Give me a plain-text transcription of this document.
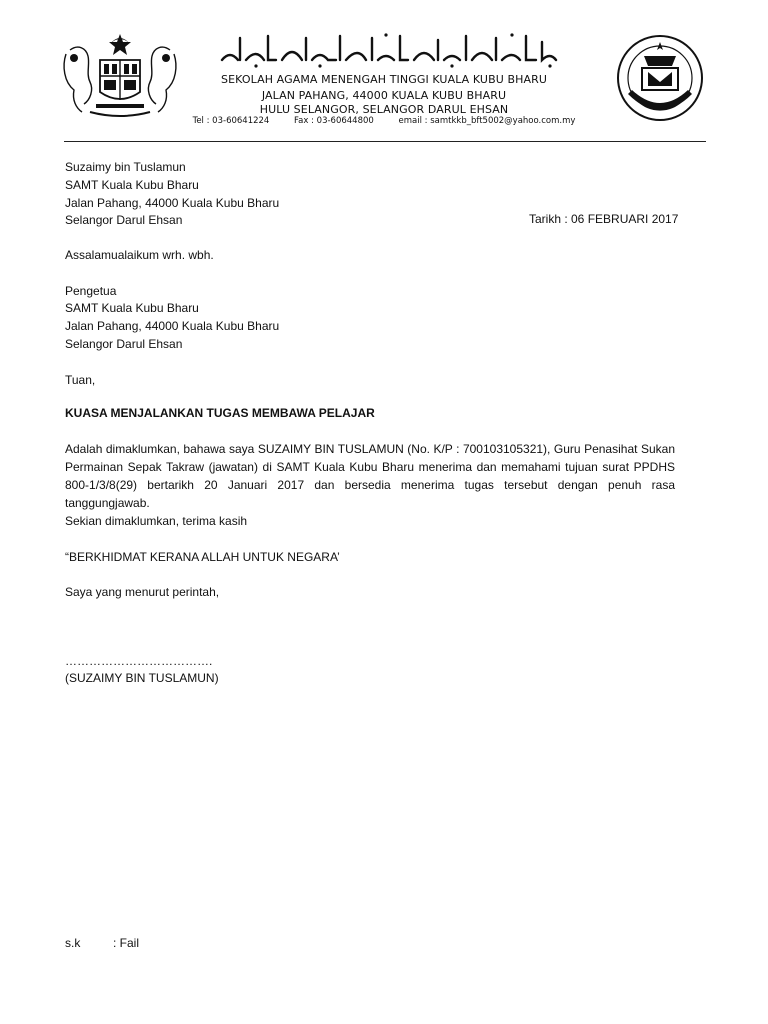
SEKOLAH AGAMA MENENGAH TINGGI KUALA KUBU BHARU
JALAN PAHANG, 44000 KUALA KUBU BHARU
HULU SELANGOR, SELANGOR DARUL EHSAN
Tel : 03-60641224	Fax : 03-60644800	email : samtkkb_bft5002@yahoo.com.my
Suzaimy bin Tuslamun
SAMT Kuala Kubu Bharu
Jalan Pahang, 44000 Kuala Kubu Bharu
Selangor Darul Ehsan	Tarikh : 06 FEBRUARI 2017
Assalamualaikum wrh. wbh.
Pengetua
SAMT Kuala Kubu Bharu
Jalan Pahang, 44000 Kuala Kubu Bharu
Selangor Darul Ehsan
Tuan,
KUASA MENJALANKAN TUGAS MEMBAWA PELAJAR
Adalah dimaklumkan, bahawa saya SUZAIMY BIN TUSLAMUN (No. K/P : 700103105321), Guru Penasihat Sukan Permainan Sepak Takraw (jawatan) di SAMT Kuala Kubu Bharu menerima dan memahami tujuan surat PPDHS 800-1/3/8(29) bertarikh 20 Januari 2017 dan bersedia menerima tugas tersebut dengan penuh rasa tanggungjawab.
Sekian dimaklumkan, terima kasih
“BERKHIDMAT KERANA ALLAH UNTUK NEGARA’
Saya yang menurut perintah,
……………………………….
(SUZAIMY BIN TUSLAMUN)
s.k	: Fail
